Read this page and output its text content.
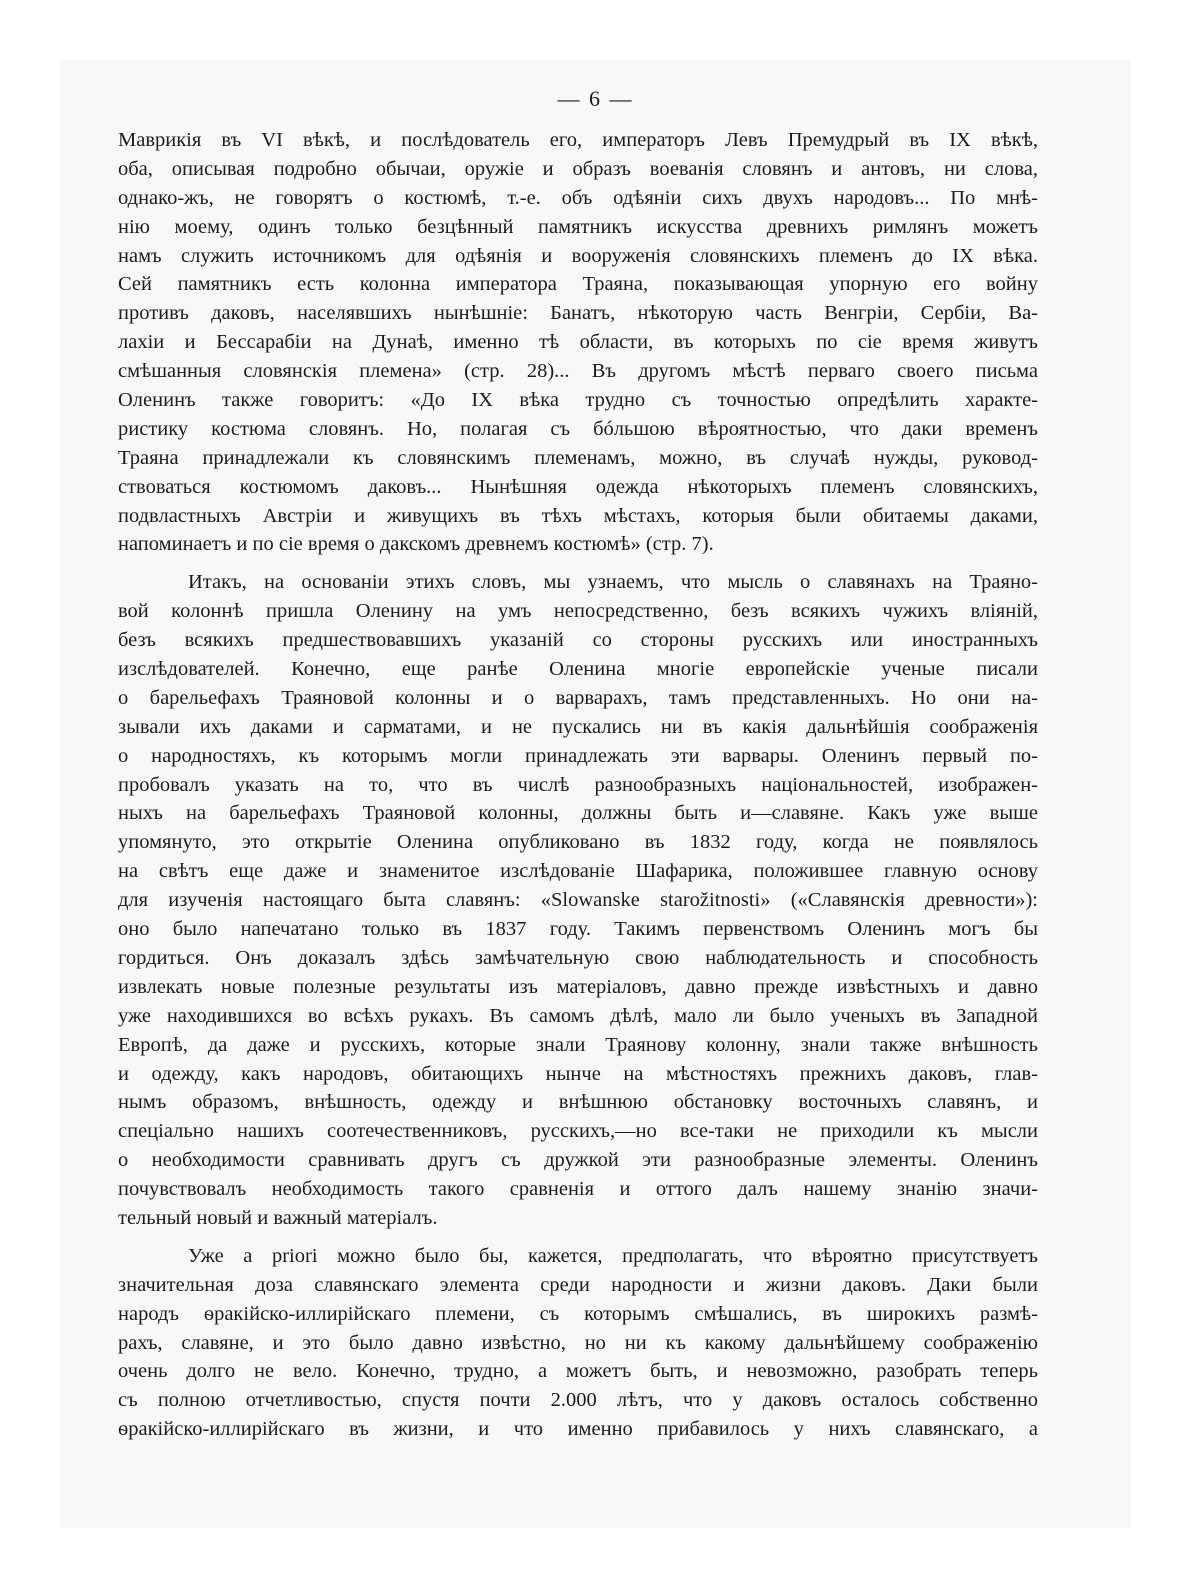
— 6 —
Маврикія въ VI вѣкѣ, и послѣдователь его, императоръ Левъ Премудрый въ IX вѣкѣ,
оба, описывая подробно обычаи, оружіе и образъ воеванія словянъ и антовъ, ни слова,
однако-жъ, не говорятъ о костюмѣ, т.-е. объ одѣяніи сихъ двухъ народовъ... По мнѣ-
нію моему, одинъ только безцѣнный памятникъ искусства древнихъ римлянъ можетъ
намъ служить источникомъ для одѣянія и вооруженія словянскихъ племенъ до IX вѣка.
Сей памятникъ есть колонна императора Траяна, показывающая упорную его войну
противъ даковъ, населявшихъ нынѣшніе: Банатъ, нѣкоторую часть Венгріи, Сербіи, Ва-
лахіи и Бессарабіи на Дунаѣ, именно тѣ области, въ которыхъ по сіе время живутъ
смѣшанныя словянскія племена» (стр. 28)... Въ другомъ мѣстѣ перваго своего письма
Оленинъ также говоритъ: «До IX вѣка трудно съ точностью опредѣлить характе-
ристику костюма словянъ. Но, полагая съ бóльшою вѣроятностью, что даки временъ
Траяна принадлежали къ словянскимъ племенамъ, можно, въ случаѣ нужды, руковод-
ствоваться костюмомъ даковъ... Нынѣшняя одежда нѣкоторыхъ племенъ словянскихъ,
подвластныхъ Австріи и живущихъ въ тѣхъ мѣстахъ, которыя были обитаемы даками,
напоминаетъ и по сіе время о дакскомъ древнемъ костюмѣ» (стр. 7).
Итакъ, на основаніи этихъ словъ, мы узнаемъ, что мысль о славянахъ на Траяно-
вой колоннѣ пришла Оленину на умъ непосредственно, безъ всякихъ чужихъ вліяній,
безъ всякихъ предшествовавшихъ указаній со стороны русскихъ или иностранныхъ
изслѣдователей. Конечно, еще ранѣе Оленина многіе европейскіе ученые писали
о барельефахъ Траяновой колонны и о варварахъ, тамъ представленныхъ. Но они на-
зывали ихъ даками и сарматами, и не пускались ни въ какія дальнѣйшія соображенія
о народностяхъ, къ которымъ могли принадлежать эти варвары. Оленинъ первый по-
пробовалъ указать на то, что въ числѣ разнообразныхъ національностей, изображен-
ныхъ на барельефахъ Траяновой колонны, должны быть и—славяне. Какъ уже выше
упомянуто, это открытіе Оленина опубликовано въ 1832 году, когда не появлялось
на свѣтъ еще даже и знаменитое изслѣдованіе Шафарика, положившее главную основу
для изученія настоящаго быта славянъ: «Slowanske starožitnosti» («Славянскія древности»):
оно было напечатано только въ 1837 году. Такимъ первенствомъ Оленинъ могъ бы
гордиться. Онъ доказалъ здѣсь замѣчательную свою наблюдательность и способность
извлекать новые полезные результаты изъ матеріаловъ, давно прежде извѣстныхъ и давно
уже находившихся во всѣхъ рукахъ. Въ самомъ дѣлѣ, мало ли было ученыхъ въ Западной
Европѣ, да даже и русскихъ, которые знали Траянову колонну, знали также внѣшность
и одежду, какъ народовъ, обитающихъ нынче на мѣстностяхъ прежнихъ даковъ, глав-
нымъ образомъ, внѣшность, одежду и внѣшнюю обстановку восточныхъ славянъ, и
спеціально нашихъ соотечественниковъ, русскихъ,—но все-таки не приходили къ мысли
о необходимости сравнивать другъ съ дружкой эти разнообразные элементы. Оленинъ
почувствовалъ необходимость такого сравненія и оттого далъ нашему знанію значи-
тельный новый и важный матеріалъ.
Уже a priori можно было бы, кажется, предполагать, что вѣроятно присутствуетъ
значительная доза славянскаго элемента среди народности и жизни даковъ. Даки были
народъ ѳракійско-иллирійскаго племени, съ которымъ смѣшались, въ широкихъ размѣ-
рахъ, славяне, и это было давно извѣстно, но ни къ какому дальнѣйшему соображенію
очень долго не вело. Конечно, трудно, а можетъ быть, и невозможно, разобрать теперь
съ полною отчетливостью, спустя почти 2.000 лѣтъ, что у даковъ осталось собственно
ѳракійско-иллирійскаго въ жизни, и что именно прибавилось у нихъ славянскаго, а
